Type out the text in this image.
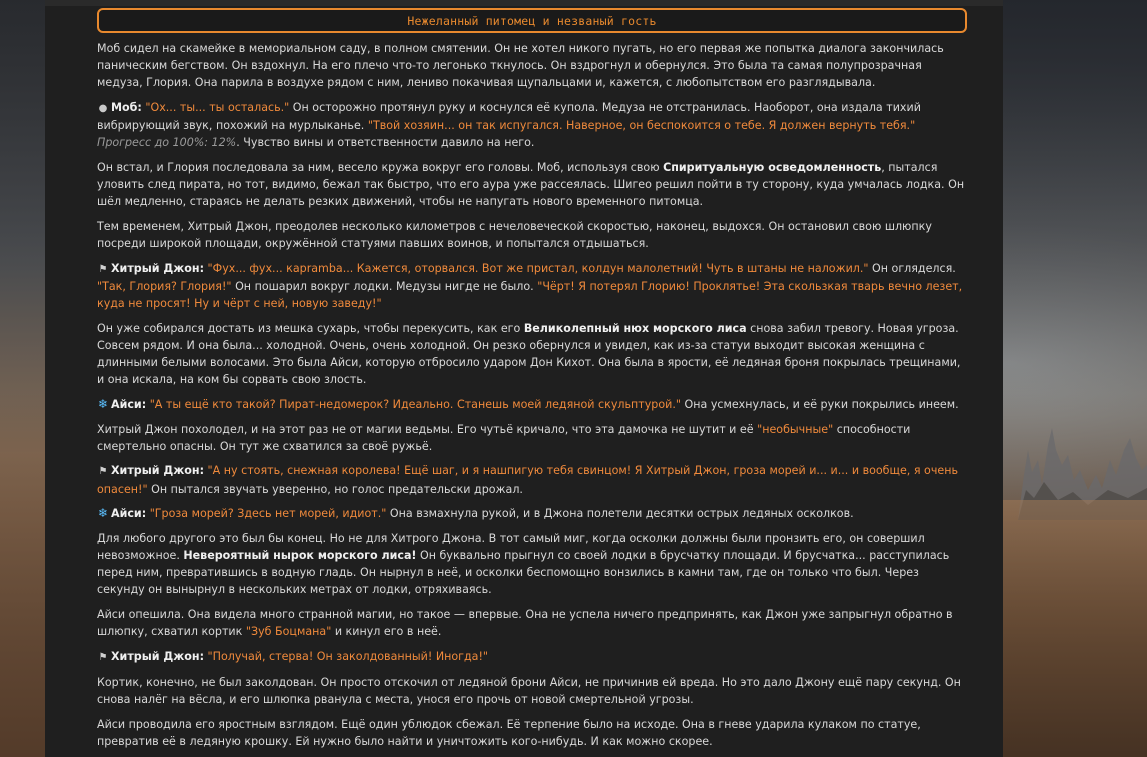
Нежеланный питомец и незваный гость

Моб сидел на скамейке в мемориальном саду, в полном смятении. Он не хотел никого пугать, но его первая же попытка диалога закончилась паническим бегством. Он вздохнул. На его плечо что-то легонько ткнулось. Он вздрогнул и обернулся. Это была та самая полупрозрачная медуза, Глория. Она парила в воздухе рядом с ним, лениво покачивая щупальцами и, кажется, с любопытством его разглядывала.

● Моб: "Ох... ты... ты осталась." Он осторожно протянул руку и коснулся её купола. Медуза не отстранилась. Наоборот, она издала тихий вибрирующий звук, похожий на мурлыканье. "Твой хозяин... он так испугался. Наверное, он беспокоится о тебе. Я должен вернуть тебя." Прогресс до 100%: 12%. Чувство вины и ответственности давило на него.

Он встал, и Глория последовала за ним, весело кружа вокруг его головы. Моб, используя свою Спиритуальную осведомленность, пытался уловить след пирата, но тот, видимо, бежал так быстро, что его аура уже рассеялась. Шигео решил пойти в ту сторону, куда умчалась лодка. Он шёл медленно, стараясь не делать резких движений, чтобы не напугать нового временного питомца.

Тем временем, Хитрый Джон, преодолев несколько километров с нечеловеческой скоростью, наконец, выдохся. Он остановил свою шлюпку посреди широкой площади, окружённой статуями павших воинов, и попытался отдышаться.

⚑ Хитрый Джон: "Фух... фух... карramba... Кажется, оторвался. Вот же пристал, колдун малолетний! Чуть в штаны не наложил." Он огляделся. "Так, Глория? Глория!" Он пошарил вокруг лодки. Медузы нигде не было. "Чёрт! Я потерял Глорию! Проклятье! Эта скользкая тварь вечно лезет, куда не просят! Ну и чёрт с ней, новую заведу!"

Он уже собирался достать из мешка сухарь, чтобы перекусить, как его Великолепный нюх морского лиса снова забил тревогу. Новая угроза. Совсем рядом. И она была... холодной. Очень, очень холодной. Он резко обернулся и увидел, как из-за статуи выходит высокая женщина с длинными белыми волосами. Это была Айси, которую отбросило ударом Дон Кихот. Она была в ярости, её ледяная броня покрылась трещинами, и она искала, на ком бы сорвать свою злость.

❄ Айси: "А ты ещё кто такой? Пират-недомерок? Идеально. Станешь моей ледяной скульптурой." Она усмехнулась, и её руки покрылись инеем.

Хитрый Джон похолодел, и на этот раз не от магии ведьмы. Его чутьё кричало, что эта дамочка не шутит и её "необычные" способности смертельно опасны. Он тут же схватился за своё ружьё.

⚑ Хитрый Джон: "А ну стоять, снежная королева! Ещё шаг, и я нашпигую тебя свинцом! Я Хитрый Джон, гроза морей и... и... и вообще, я очень опасен!" Он пытался звучать уверенно, но голос предательски дрожал.

❄ Айси: "Гроза морей? Здесь нет морей, идиот." Она взмахнула рукой, и в Джона полетели десятки острых ледяных осколков.

Для любого другого это был бы конец. Но не для Хитрого Джона. В тот самый миг, когда осколки должны были пронзить его, он совершил невозможное. Невероятный нырок морского лиса! Он буквально прыгнул со своей лодки в брусчатку площади. И брусчатка... расступилась перед ним, превратившись в водную гладь. Он нырнул в неё, и осколки беспомощно вонзились в камни там, где он только что был. Через секунду он вынырнул в нескольких метрах от лодки, отряхиваясь.

Айси опешила. Она видела много странной магии, но такое — впервые. Она не успела ничего предпринять, как Джон уже запрыгнул обратно в шлюпку, схватил кортик "Зуб Боцмана" и кинул его в неё.

⚑ Хитрый Джон: "Получай, стерва! Он заколдованный! Иногда!"

Кортик, конечно, не был заколдован. Он просто отскочил от ледяной брони Айси, не причинив ей вреда. Но это дало Джону ещё пару секунд. Он снова налёг на вёсла, и его шлюпка рванула с места, унося его прочь от новой смертельной угрозы.

Айси проводила его яростным взглядом. Ещё один ублюдок сбежал. Её терпение было на исходе. Она в гневе ударила кулаком по статуе, превратив её в ледяную крошку. Ей нужно было найти и уничтожить кого-нибудь. И как можно скорее.
